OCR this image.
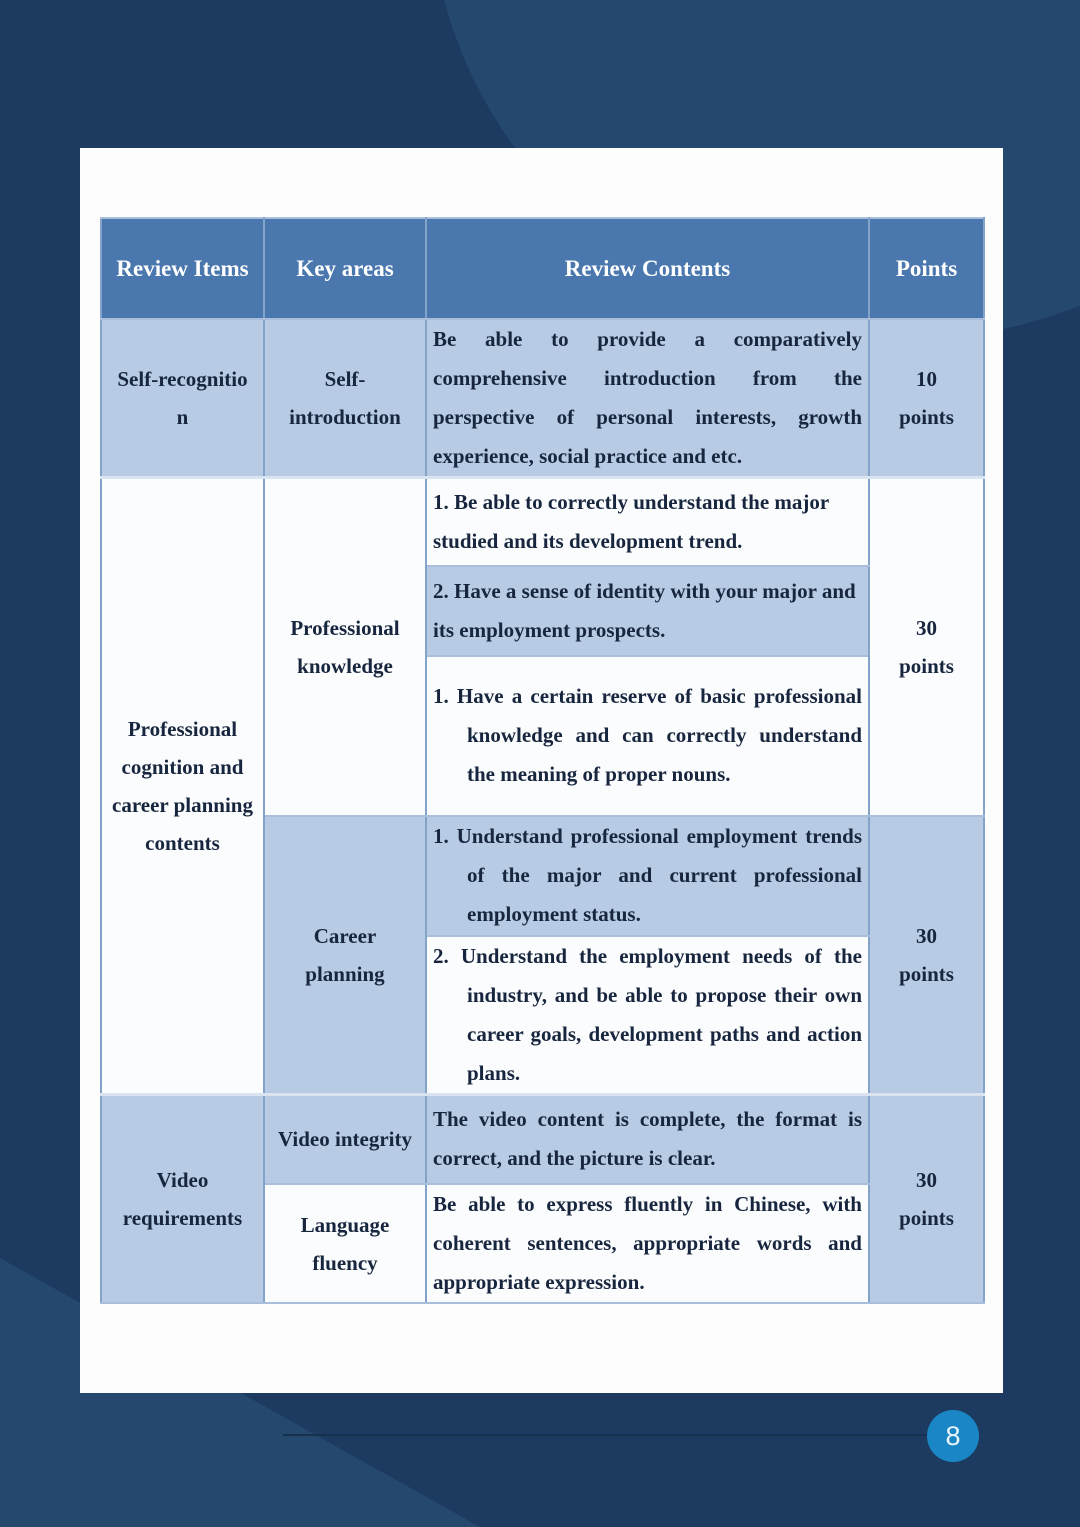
Review Items	Key areas	Review Contents	Points
Self-recognition	Self-introduction	Be able to provide a comparatively comprehensive introduction from the perspective of personal interests, growth experience, social practice and etc.	10 points
Professional cognition and career planning contents	Professional knowledge	1. Be able to correctly understand the major studied and its development trend.	30 points
		2. Have a sense of identity with your major and its employment prospects.	
		1. Have a certain reserve of basic professional knowledge and can correctly understand the meaning of proper nouns.	
	Career planning	1. Understand professional employment trends of the major and current professional employment status.	30 points
		2. Understand the employment needs of the industry, and be able to propose their own career goals, development paths and action plans.	
Video requirements	Video integrity	The video content is complete, the format is correct, and the picture is clear.	30 points
	Language fluency	Be able to express fluently in Chinese, with coherent sentences, appropriate words and appropriate expression.	
8
